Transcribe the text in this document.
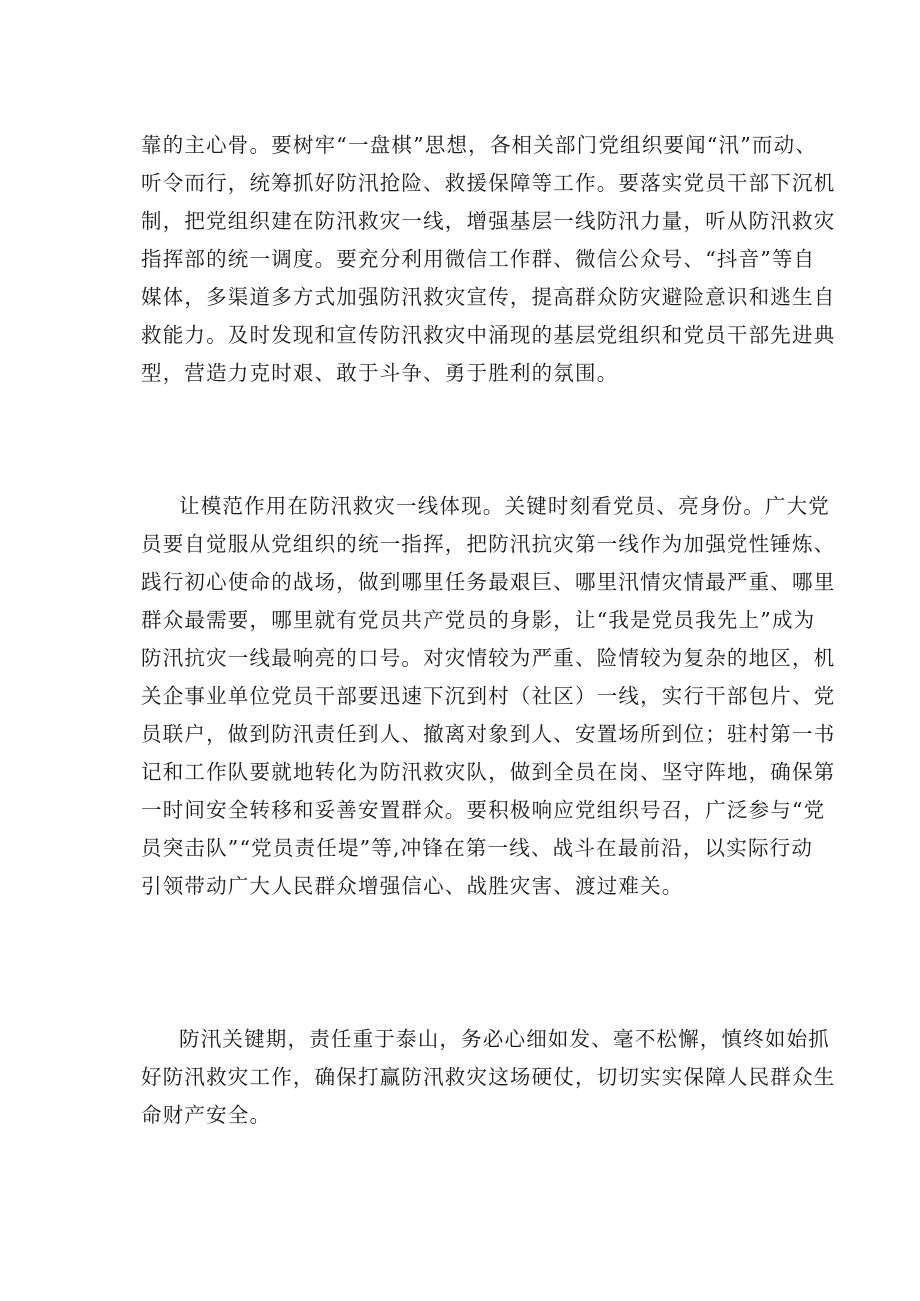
靠的主心骨。要树牢“一盘棋”思想，各相关部门党组织要闻“汛”而动、
听令而行，统筹抓好防汛抢险、救援保障等工作。要落实党员干部下沉机
制，把党组织建在防汛救灾一线，增强基层一线防汛力量，听从防汛救灾
指挥部的统一调度。要充分利用微信工作群、微信公众号、“抖音”等自
媒体，多渠道多方式加强防汛救灾宣传，提高群众防灾避险意识和逃生自
救能力。及时发现和宣传防汛救灾中涌现的基层党组织和党员干部先进典
型，营造力克时艰、敢于斗争、勇于胜利的氛围。
让模范作用在防汛救灾一线体现。关键时刻看党员、亮身份。广大党
员要自觉服从党组织的统一指挥，把防汛抗灾第一线作为加强党性锤炼、
践行初心使命的战场，做到哪里任务最艰巨、哪里汛情灾情最严重、哪里
群众最需要，哪里就有党员共产党员的身影，让“我是党员我先上”成为
防汛抗灾一线最响亮的口号。对灾情较为严重、险情较为复杂的地区，机
关企事业单位党员干部要迅速下沉到村（社区）一线，实行干部包片、党
员联户，做到防汛责任到人、撤离对象到人、安置场所到位；驻村第一书
记和工作队要就地转化为防汛救灾队，做到全员在岗、坚守阵地，确保第
一时间安全转移和妥善安置群众。要积极响应党组织号召，广泛参与“党
员突击队”“党员责任堤”等,冲锋在第一线、战斗在最前沿，以实际行动
引领带动广大人民群众增强信心、战胜灾害、渡过难关。
防汛关键期，责任重于泰山，务必心细如发、毫不松懈，慎终如始抓
好防汛救灾工作，确保打赢防汛救灾这场硬仗，切切实实保障人民群众生
命财产安全。
